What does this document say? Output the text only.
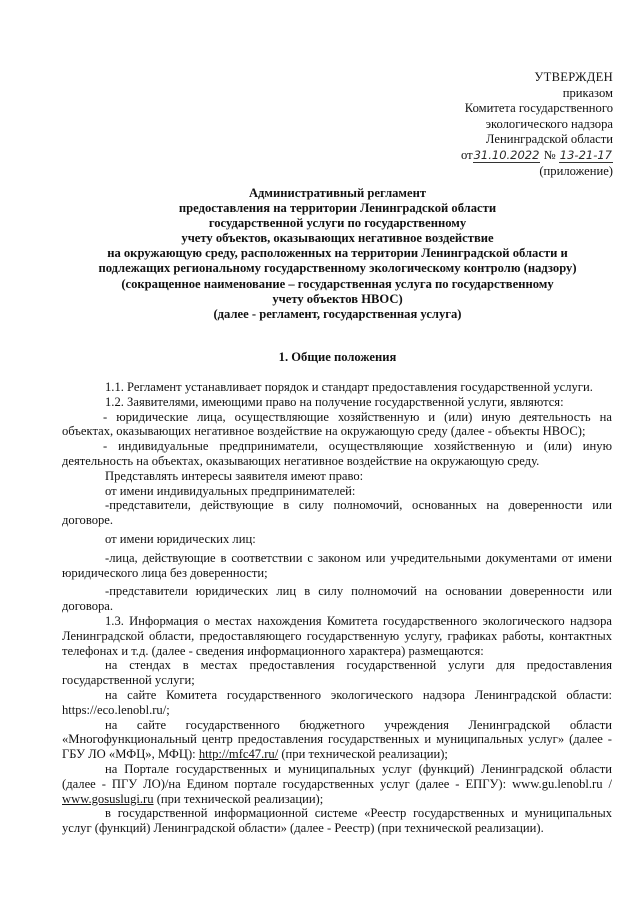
УТВЕРЖДЕН
приказом
Комитета государственного
экологического надзора
Ленинградской области
от31.10.2022 № 13-21-17
(приложение)
Административный регламент
предоставления на территории Ленинградской области
государственной услуги по государственному
учету объектов, оказывающих негативное воздействие
на окружающую среду, расположенных на территории Ленинградской области и
подлежащих региональному государственному экологическому контролю (надзору)
(сокращенное наименование – государственная услуга по государственному
учету объектов НВОС)
(далее - регламент, государственная услуга)
1. Общие положения

1.1. Регламент устанавливает порядок и стандарт предоставления государственной услуги.

1.2. Заявителями, имеющими право на получение государственной услуги, являются:

- юридические лица, осуществляющие хозяйственную и (или) иную деятельность на объектах, оказывающих негативное воздействие на окружающую среду (далее - объекты НВОС);

- индивидуальные предприниматели, осуществляющие хозяйственную и (или) иную деятельность на объектах, оказывающих негативное воздействие на окружающую среду.

Представлять интересы заявителя имеют право:

от имени индивидуальных предпринимателей:

-представители, действующие в силу полномочий, основанных на доверенности или договоре.

от имени юридических лиц:

-лица, действующие в соответствии с законом или учредительными документами от имени юридического лица без доверенности;

-представители юридических лиц в силу полномочий на основании доверенности или договора.

1.3. Информация о местах нахождения Комитета государственного экологического надзора Ленинградской области, предоставляющего государственную услугу, графиках работы, контактных телефонах и т.д. (далее - сведения информационного характера) размещаются:

на стендах в местах предоставления государственной услуги для предоставления государственной услуги;

на сайте Комитета государственного экологического надзора Ленинградской области: https://eco.lenobl.ru/;

на сайте государственного бюджетного учреждения Ленинградской области «Многофункциональный центр предоставления государственных и муниципальных услуг» (далее - ГБУ ЛО «МФЦ», МФЦ): http://mfc47.ru/ (при технической реализации);

на Портале государственных и муниципальных услуг (функций) Ленинградской области (далее - ПГУ ЛО)/на Едином портале государственных услуг (далее - ЕПГУ): www.gu.lenobl.ru / www.gosuslugi.ru (при технической реализации);

в государственной информационной системе «Реестр государственных и муниципальных услуг (функций) Ленинградской области» (далее - Реестр) (при технической реализации).
